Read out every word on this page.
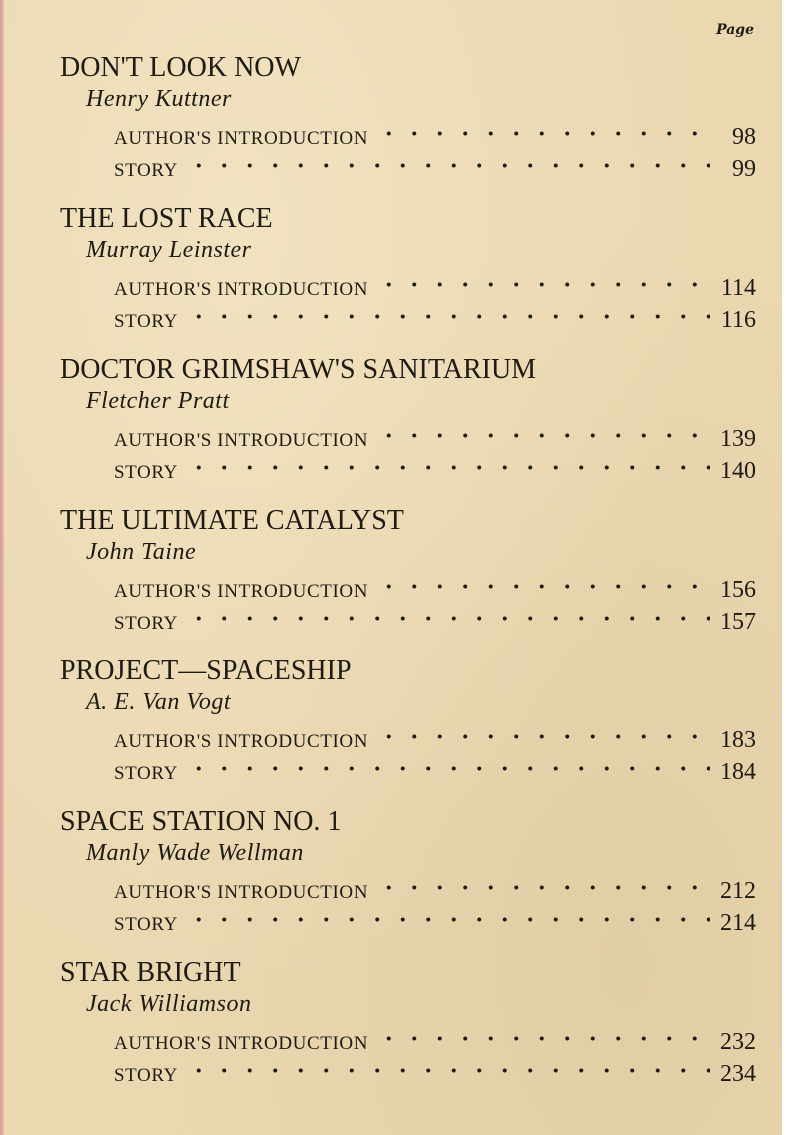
Page
DON'T LOOK NOW
Henry Kuttner
AUTHOR'S INTRODUCTION	98
STORY	99
THE LOST RACE
Murray Leinster
AUTHOR'S INTRODUCTION	114
STORY	116
DOCTOR GRIMSHAW'S SANITARIUM
Fletcher Pratt
AUTHOR'S INTRODUCTION	139
STORY	140
THE ULTIMATE CATALYST
John Taine
AUTHOR'S INTRODUCTION	156
STORY	157
PROJECT—SPACESHIP
A. E. Van Vogt
AUTHOR'S INTRODUCTION	183
STORY	184
SPACE STATION NO. 1
Manly Wade Wellman
AUTHOR'S INTRODUCTION	212
STORY	214
STAR BRIGHT
Jack Williamson
AUTHOR'S INTRODUCTION	232
STORY	234
